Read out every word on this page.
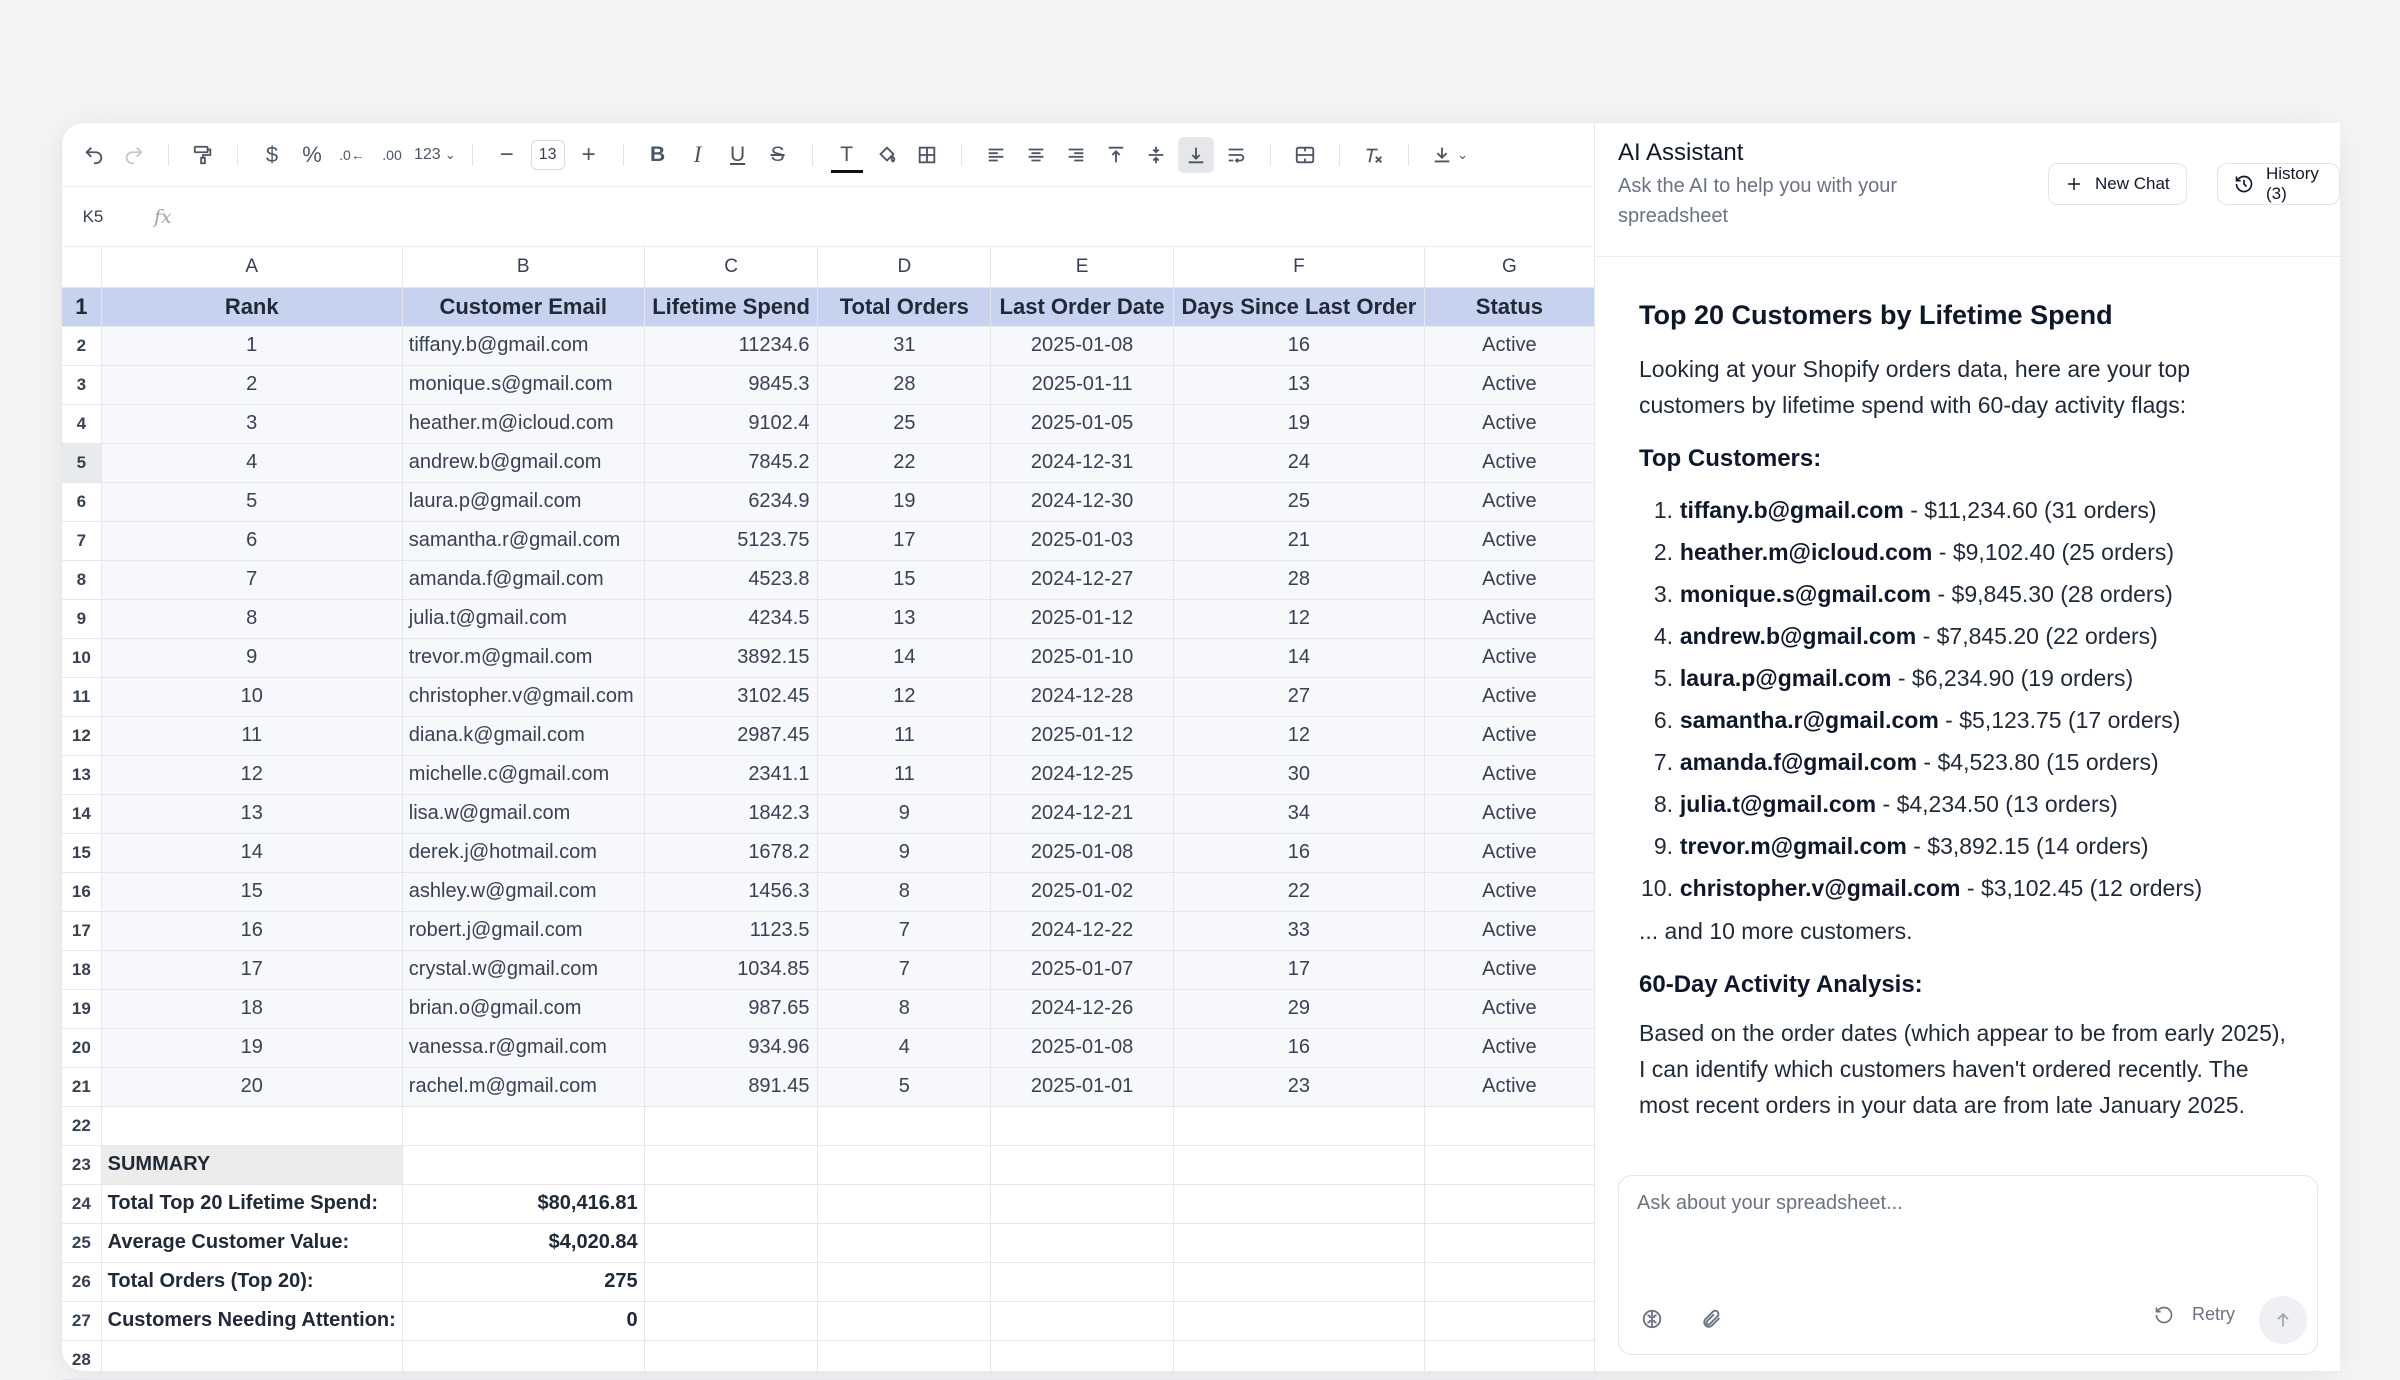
$ % .0← .00 123 ⌄ −	13	+	B I U S	T	⌄
K5	fx
	A	B	C	D	E	F	G
1	Rank	Customer Email	Lifetime Spend	Total Orders	Last Order Date	Days Since Last Order	Status
2	1	tiffany.b@gmail.com	11234.6	31	2025-01-08	16	Active
3	2	monique.s@gmail.com	9845.3	28	2025-01-11	13	Active
4	3	heather.m@icloud.com	9102.4	25	2025-01-05	19	Active
5	4	andrew.b@gmail.com	7845.2	22	2024-12-31	24	Active
6	5	laura.p@gmail.com	6234.9	19	2024-12-30	25	Active
7	6	samantha.r@gmail.com	5123.75	17	2025-01-03	21	Active
8	7	amanda.f@gmail.com	4523.8	15	2024-12-27	28	Active
9	8	julia.t@gmail.com	4234.5	13	2025-01-12	12	Active
10	9	trevor.m@gmail.com	3892.15	14	2025-01-10	14	Active
11	10	christopher.v@gmail.com	3102.45	12	2024-12-28	27	Active
12	11	diana.k@gmail.com	2987.45	11	2025-01-12	12	Active
13	12	michelle.c@gmail.com	2341.1	11	2024-12-25	30	Active
14	13	lisa.w@gmail.com	1842.3	9	2024-12-21	34	Active
15	14	derek.j@hotmail.com	1678.2	9	2025-01-08	16	Active
16	15	ashley.w@gmail.com	1456.3	8	2025-01-02	22	Active
17	16	robert.j@gmail.com	1123.5	7	2024-12-22	33	Active
18	17	crystal.w@gmail.com	1034.85	7	2025-01-07	17	Active
19	18	brian.o@gmail.com	987.65	8	2024-12-26	29	Active
20	19	vanessa.r@gmail.com	934.96	4	2025-01-08	16	Active
21	20	rachel.m@gmail.com	891.45	5	2025-01-01	23	Active
22							
23	SUMMARY						
24	Total Top 20 Lifetime Spend:	$80,416.81					
25	Average Customer Value:	$4,020.84					
26	Total Orders (Top 20):	275					
27	Customers Needing Attention:	0					
28							
AI Assistant
Ask the AI to help you with your spreadsheet
New Chat
History (3)
Top 20 Customers by Lifetime Spend

Looking at your Shopify orders data, here are your top customers by lifetime spend with 60-day activity flags:

Top Customers:
1. tiffany.b@gmail.com - $11,234.60 (31 orders)
2. heather.m@icloud.com - $9,102.40 (25 orders)
3. monique.s@gmail.com - $9,845.30 (28 orders)
4. andrew.b@gmail.com - $7,845.20 (22 orders)
5. laura.p@gmail.com - $6,234.90 (19 orders)
6. samantha.r@gmail.com - $5,123.75 (17 orders)
7. amanda.f@gmail.com - $4,523.80 (15 orders)
8. julia.t@gmail.com - $4,234.50 (13 orders)
9. trevor.m@gmail.com - $3,892.15 (14 orders)
10. christopher.v@gmail.com - $3,102.45 (12 orders)

... and 10 more customers.

60-Day Activity Analysis:

Based on the order dates (which appear to be from early 2025), I can identify which customers haven't ordered recently. The most recent orders in your data are from late January 2025.

Ask about your spreadsheet...
Retry
